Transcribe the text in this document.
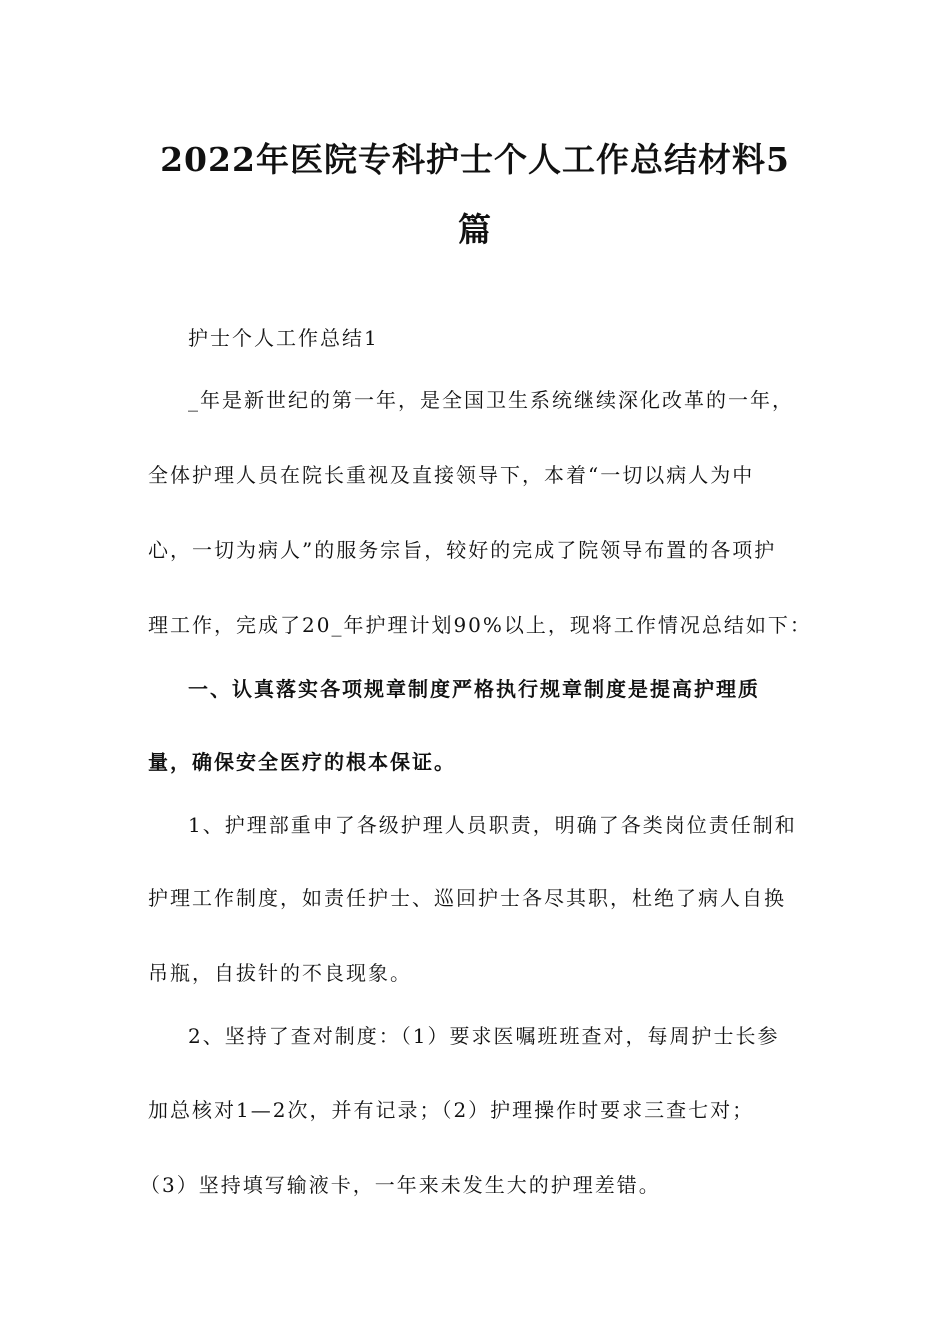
2022年医院专科护士个人工作总结材料5
篇
护士个人工作总结1
_年是新世纪的第一年，是全国卫生系统继续深化改革的一年，
全体护理人员在院长重视及直接领导下，本着“一切以病人为中
心，一切为病人”的服务宗旨，较好的完成了院领导布置的各项护
理工作，完成了20_年护理计划90%以上，现将工作情况总结如下：
一、认真落实各项规章制度严格执行规章制度是提高护理质
量，确保安全医疗的根本保证。
1、护理部重申了各级护理人员职责，明确了各类岗位责任制和
护理工作制度，如责任护士、巡回护士各尽其职，杜绝了病人自换
吊瓶，自拔针的不良现象。
2、坚持了查对制度：（1）要求医嘱班班查对，每周护士长参
加总核对1—2次，并有记录；（2）护理操作时要求三查七对；
（3）坚持填写输液卡，一年来未发生大的护理差错。
